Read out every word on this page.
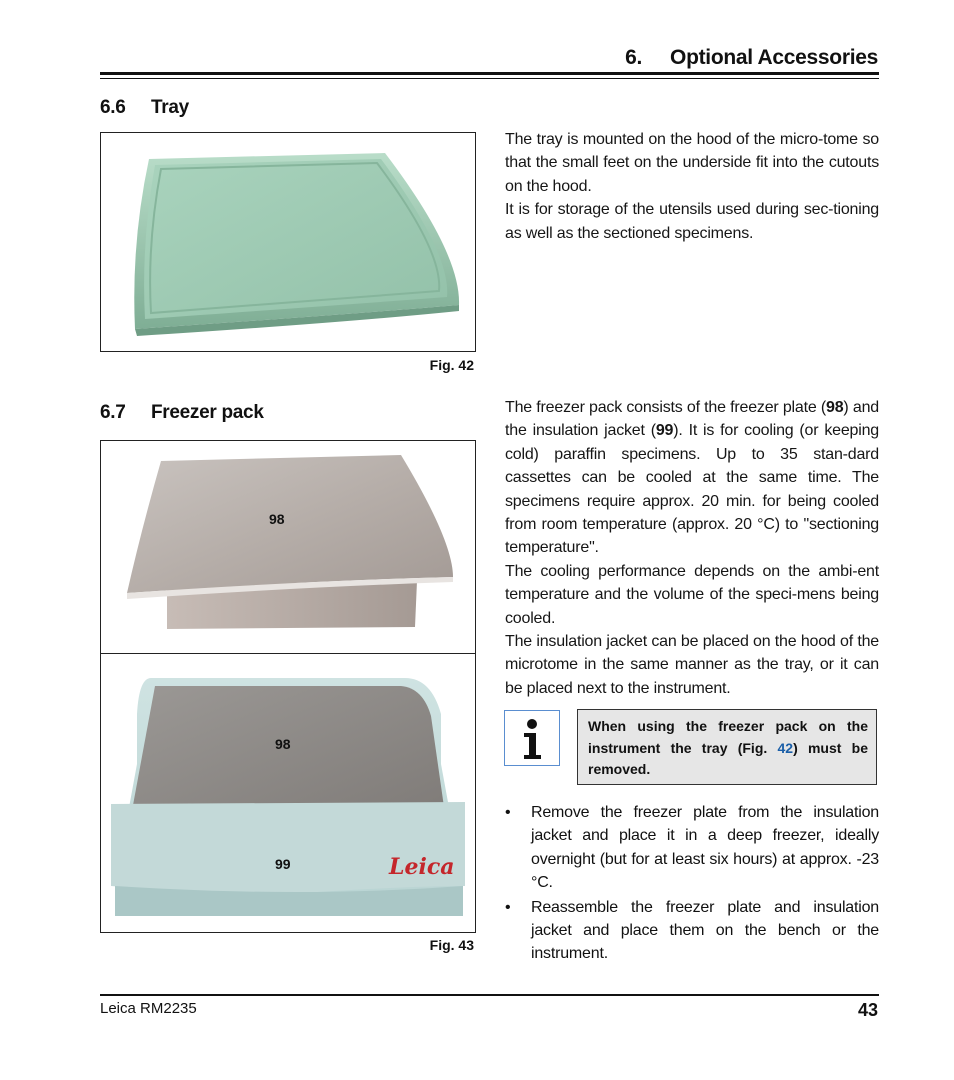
6. Optional Accessories
6.6 Tray
Fig. 42

The tray is mounted on the hood of the micro-tome so that the small feet on the underside fit into the cutouts on the hood.

It is for storage of the utensils used during sec-tioning as well as the sectioned specimens.

6.7 Freezer pack
98
98
99	Leica
Fig. 43

The freezer pack consists of the freezer plate (98) and the insulation jacket (99). It is for cooling (or keeping cold) paraffin specimens. Up to 35 stan-dard cassettes can be cooled at the same time. The specimens require approx. 20 min. for being cooled from room temperature (approx. 20 °C) to "sectioning temperature".

The cooling performance depends on the ambi-ent temperature and the volume of the speci-mens being cooled.

The insulation jacket can be placed on the hood of the microtome in the same manner as the tray, or it can be placed next to the instrument.

When using the freezer pack on the instrument the tray (Fig. 42) must be removed.
• Remove the freezer plate from the insulation jacket and place it in a deep freezer, ideally overnight (but for at least six hours) at approx. -23 °C.
• Reassemble the freezer plate and insulation jacket and place them on the bench or the instrument.
Leica RM2235	43
